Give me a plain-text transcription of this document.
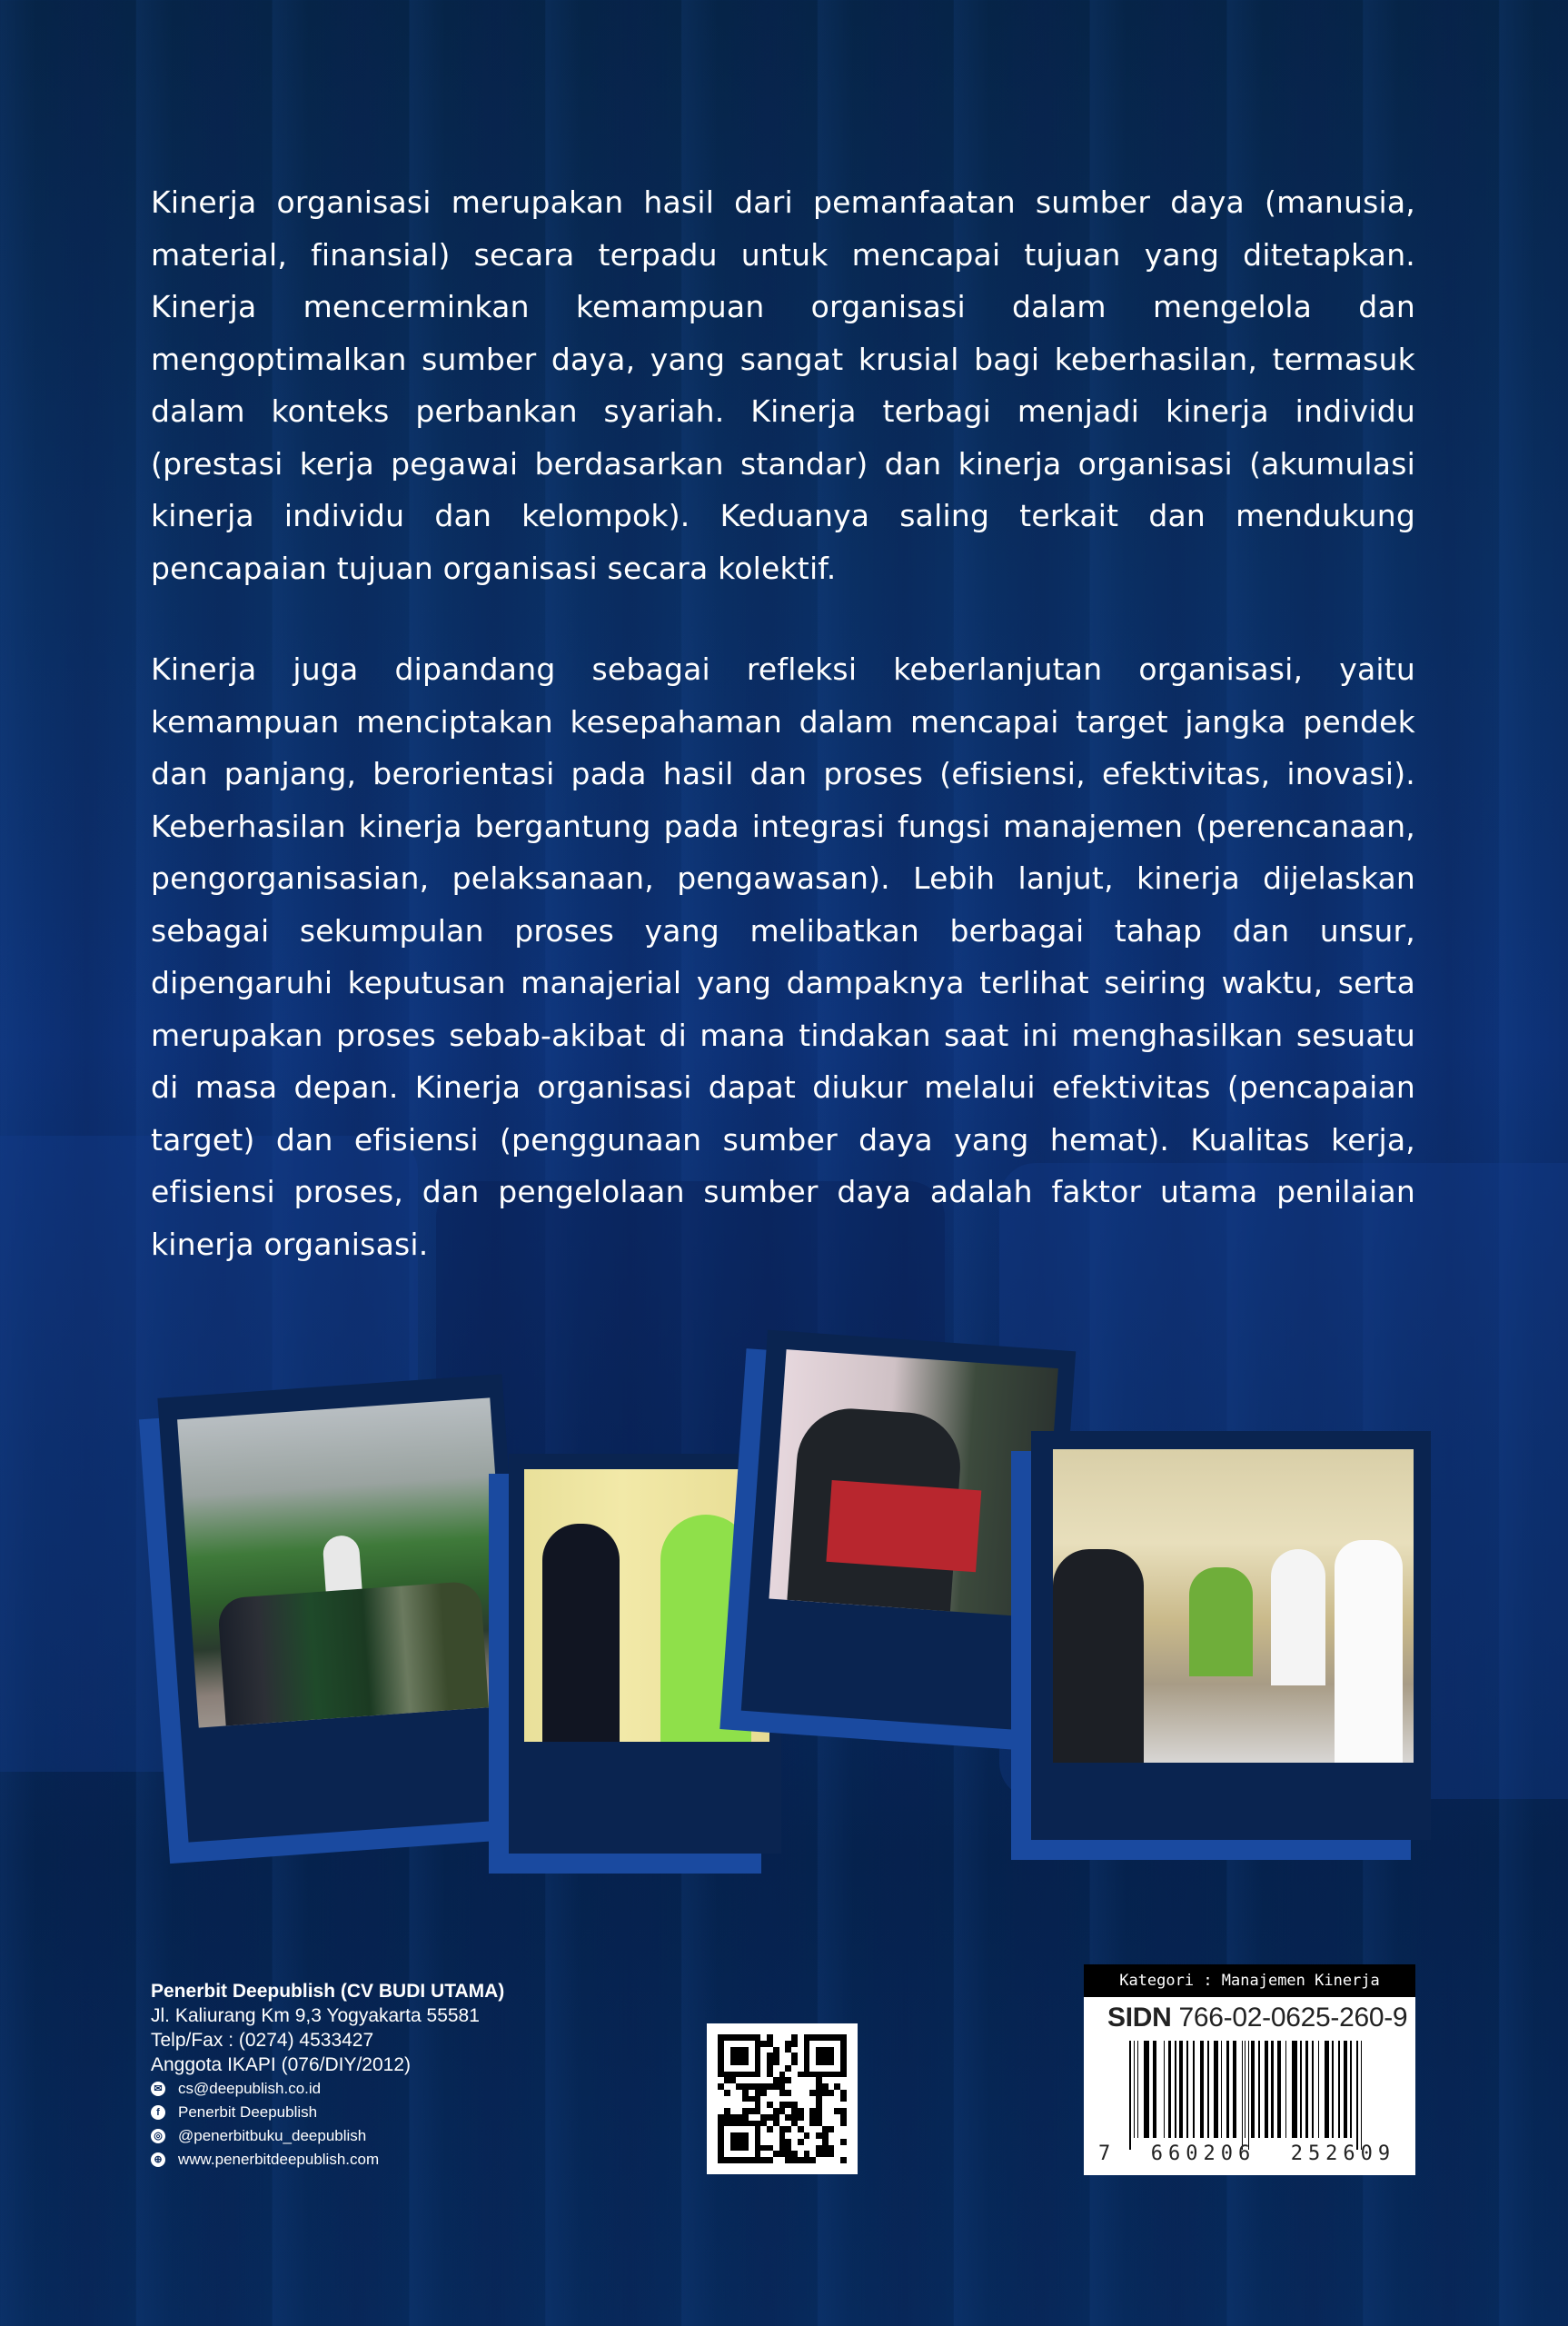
Kinerja organisasi merupakan hasil dari pemanfaatan sumber daya (manusia, material, finansial) secara terpadu untuk mencapai tujuan yang ditetapkan. Kinerja mencerminkan kemampuan organisasi dalam mengelola dan mengoptimalkan sumber daya, yang sangat krusial bagi keberhasilan, termasuk dalam konteks perbankan syariah. Kinerja terbagi menjadi kinerja individu (prestasi kerja pegawai berdasarkan standar) dan kinerja organisasi (akumulasi kinerja individu dan kelompok). Keduanya saling terkait dan mendukung pencapaian tujuan organisasi secara kolektif.

Kinerja juga dipandang sebagai refleksi keberlanjutan organisasi, yaitu kemampuan menciptakan kesepahaman dalam mencapai target jangka pendek dan panjang, berorientasi pada hasil dan proses (efisiensi, efektivitas, inovasi). Keberhasilan kinerja bergantung pada integrasi fungsi manajemen (perencanaan, pengorganisasian, pelaksanaan, pengawasan). Lebih lanjut, kinerja dijelaskan sebagai sekumpulan proses yang melibatkan berbagai tahap dan unsur, dipengaruhi keputusan manajerial yang dampaknya terlihat seiring waktu, serta merupakan proses sebab-akibat di mana tindakan saat ini menghasilkan sesuatu di masa depan. Kinerja organisasi dapat diukur melalui efektivitas (pencapaian target) dan efisiensi (penggunaan sumber daya yang hemat). Kualitas kerja, efisiensi proses, dan pengelolaan sumber daya adalah faktor utama penilaian kinerja organisasi.

Penerbit Deepublish (CV BUDI UTAMA)
Jl. Kaliurang Km 9,3 Yogyakarta 55581
Telp/Fax : (0274) 4533427
Anggota IKAPI (076/DIY/2012)
✉ cs@deepublish.co.id
f	Penerbit Deepublish
◎ @penerbitbuku_deepublish
⊕ www.penerbitdeepublish.com
Kategori : Manajemen Kinerja
SIDN 766-02-0625-260-9
7  660206  252609
